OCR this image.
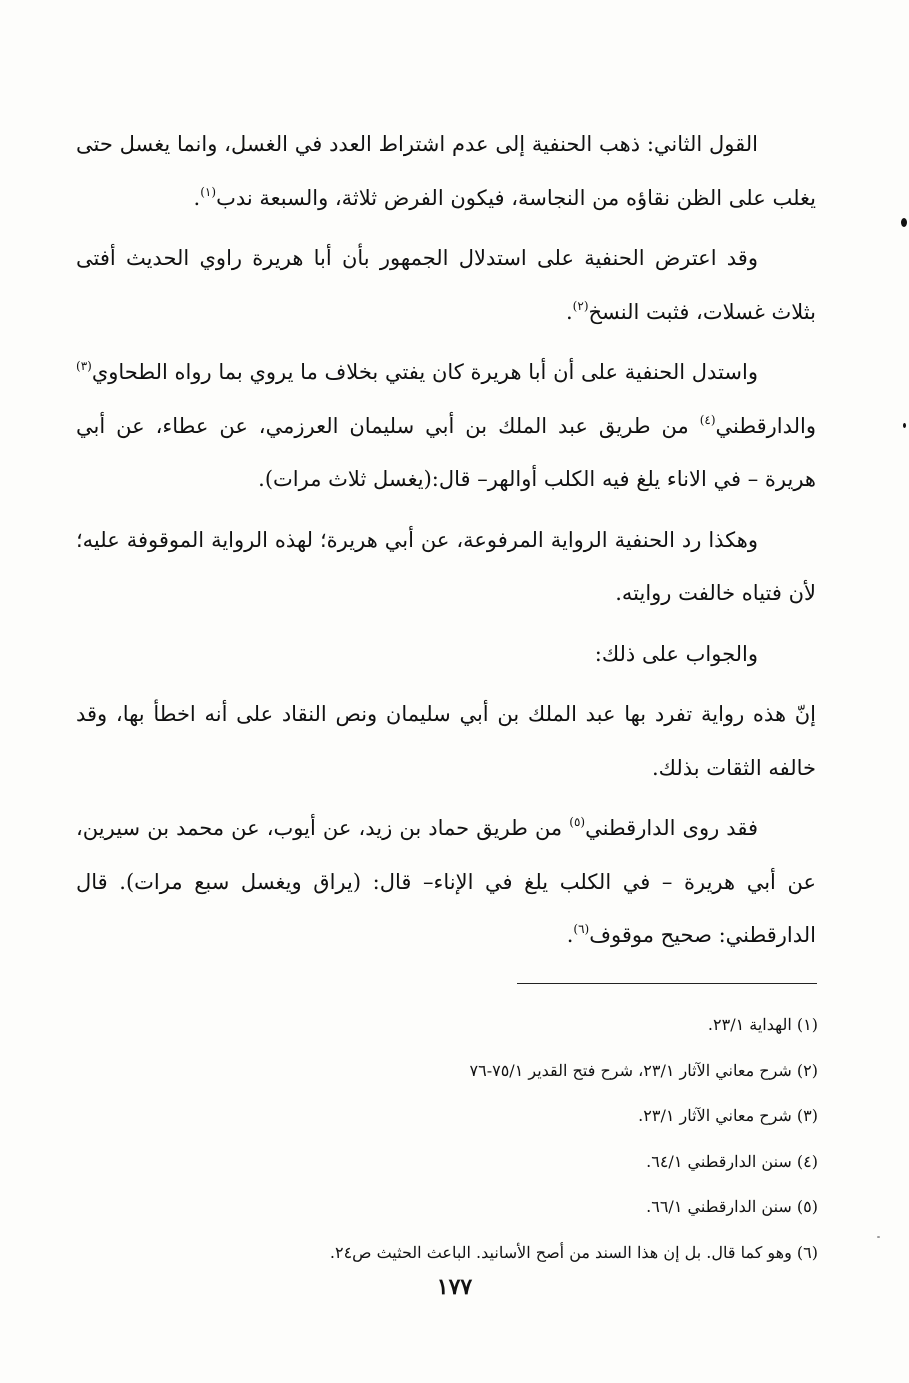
القول الثاني: ذهب الحنفية إلى عدم اشتراط العدد في الغسل، وانما يغسل حتى يغلب على الظن نقاؤه من النجاسة، فيكون الفرض ثلاثة، والسبعة ندب$^{(١)}$.

وقد اعترض الحنفية على استدلال الجمهور بأن أبا هريرة راوي الحديث أفتى بثلاث غسلات، فثبت النسخ$^{(٢)}$.

واستدل الحنفية على أن أبا هريرة كان يفتي بخلاف ما يروي بما رواه الطحاوي$^{(٣)}$ والدارقطني$^{(٤)}$ من طريق عبد الملك بن أبي سليمان العرزمي، عن عطاء، عن أبي هريرة – في الاناء يلغ فيه الكلب أوالهر– قال:(يغسل ثلاث مرات).

وهكذا رد الحنفية الرواية المرفوعة، عن أبي هريرة؛ لهذه الرواية الموقوفة عليه؛ لأن فتياه خالفت روايته.

والجواب على ذلك:

إنّ هذه رواية تفرد بها عبد الملك بن أبي سليمان ونص النقاد على أنه اخطأ بها، وقد خالفه الثقات بذلك.

فقد روى الدارقطني$^{(٥)}$ من طريق حماد بن زيد، عن أيوب، عن محمد بن سيرين، عن أبي هريرة – في الكلب يلغ في الإناء– قال: (يراق ويغسل سبع مرات). قال الدارقطني: صحيح موقوف$^{(٦)}$.

(١) الهداية ٢٣/١.

(٢) شرح معاني الآثار ٢٣/١، شرح فتح القدير ٧٥/١-٧٦

(٣) شرح معاني الآثار ٢٣/١.

(٤) سنن الدارقطني ٦٤/١.

(٥) سنن الدارقطني ٦٦/١.

(٦) وهو كما قال. بل إن هذا السند من أصح الأسانيد. الباعث الحثيث ص٢٤.

١٧٧
